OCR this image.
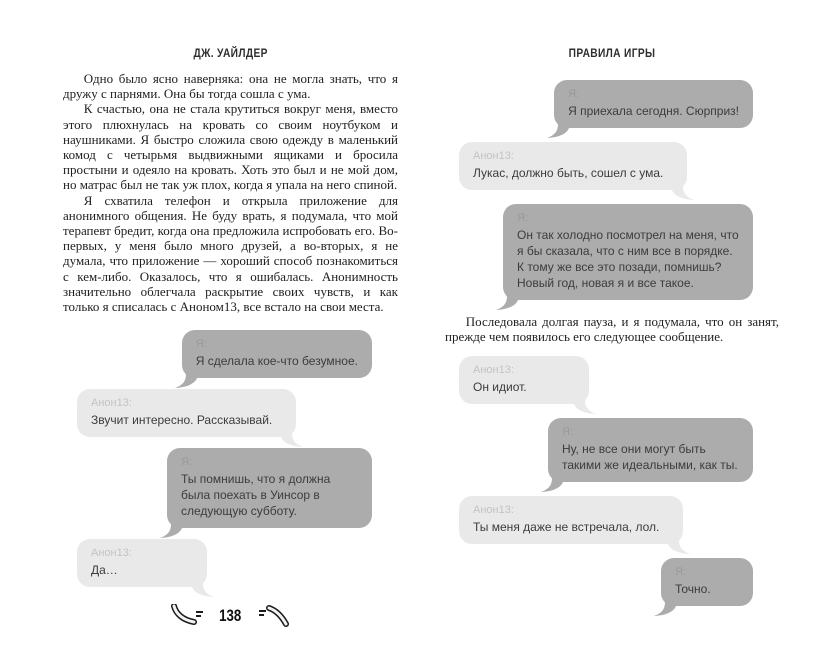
ДЖ. УАЙЛДЕР

Одно было ясно наверняка: она не могла знать, что я дружу с парнями. Она бы тогда сошла с ума.

К счастью, она не стала крутиться вокруг меня, вместо этого плюхнулась на кровать со своим ноутбуком и наушниками. Я быстро сложила свою одежду в маленький комод с четырьмя выдвижными ящиками и бросила простыни и одеяло на кровать. Хоть это был и не мой дом, но матрас был не так уж плох, когда я упала на него спиной.

Я схватила телефон и открыла приложение для анонимного общения. Не буду врать, я подумала, что мой терапевт бредит, когда она предложила испробовать его. Во-первых, у меня было много друзей, а во-вторых, я не думала, что приложение — хороший способ познакомиться с кем-либо. Оказалось, что я ошибалась. Анонимность значительно облегчала раскрытие своих чувств, и как только я списалась с Аноном13, все встало на свои места.

Я:
Я сделала кое-что безумное.
Анон13:
Звучит интересно. Рассказывай.
Я:
Ты помнишь, что я должна была поехать в Уинсор в следующую субботу.
Анон13:
Да…
138
ПРАВИЛА ИГРЫ
Я:
Я приехала сегодня. Сюрприз!
Анон13:
Лукас, должно быть, сошел с ума.
Я:
Он так холодно посмотрел на меня, что я бы сказала, что с ним все в порядке. К тому же все это позади, помнишь? Новый год, новая я и все такое.

Последовала долгая пауза, и я подумала, что он занят, прежде чем появилось его следующее сообщение.

Анон13:
Он идиот.
Я:
Ну, не все они могут быть такими же идеальными, как ты.
Анон13:
Ты меня даже не встречала, лол.
Я:
Точно.
